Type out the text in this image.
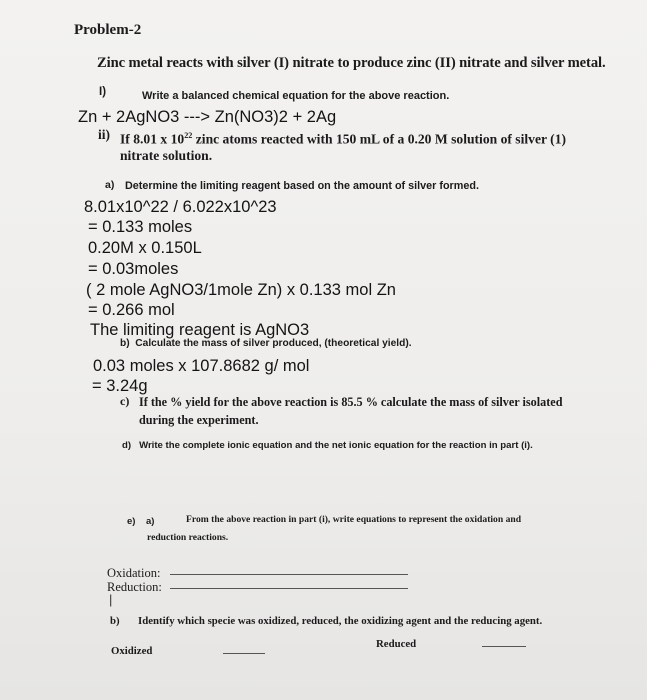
Problem-2
Zinc metal reacts with silver (I) nitrate to produce zinc (II) nitrate and silver metal.
I)	Write a balanced chemical equation for the above reaction.
Zn + 2AgNO3 ---> Zn(NO3)2 + 2Ag
ii) If 8.01 x $10^{22}$ zinc atoms reacted with 150 mL of a 0.20 M solution of silver (1)
nitrate solution.
a) Determine the limiting reagent based on the amount of silver formed.
8.01x10^22 / 6.022x10^23
= 0.133 moles
0.20M x 0.150L
= 0.03moles
( 2 mole AgNO3/1mole Zn) x 0.133 mol Zn
= 0.266 mol
The limiting reagent is AgNO3
b) Calculate the mass of silver produced, (theoretical yield).
0.03 moles x 107.8682 g/ mol
= 3.24g
c) If the % yield for the above reaction is 85.5 % calculate the mass of silver isolated
during the experiment.
d) Write the complete ionic equation and the net ionic equation for the reaction in part (i).
e) a)	From the above reaction in part (i), write equations to represent the oxidation and
reduction reactions.
Oxidation:
Reduction:
|
b) Identify which specie was oxidized, reduced, the oxidizing agent and the reducing agent.
Reduced
Oxidized
